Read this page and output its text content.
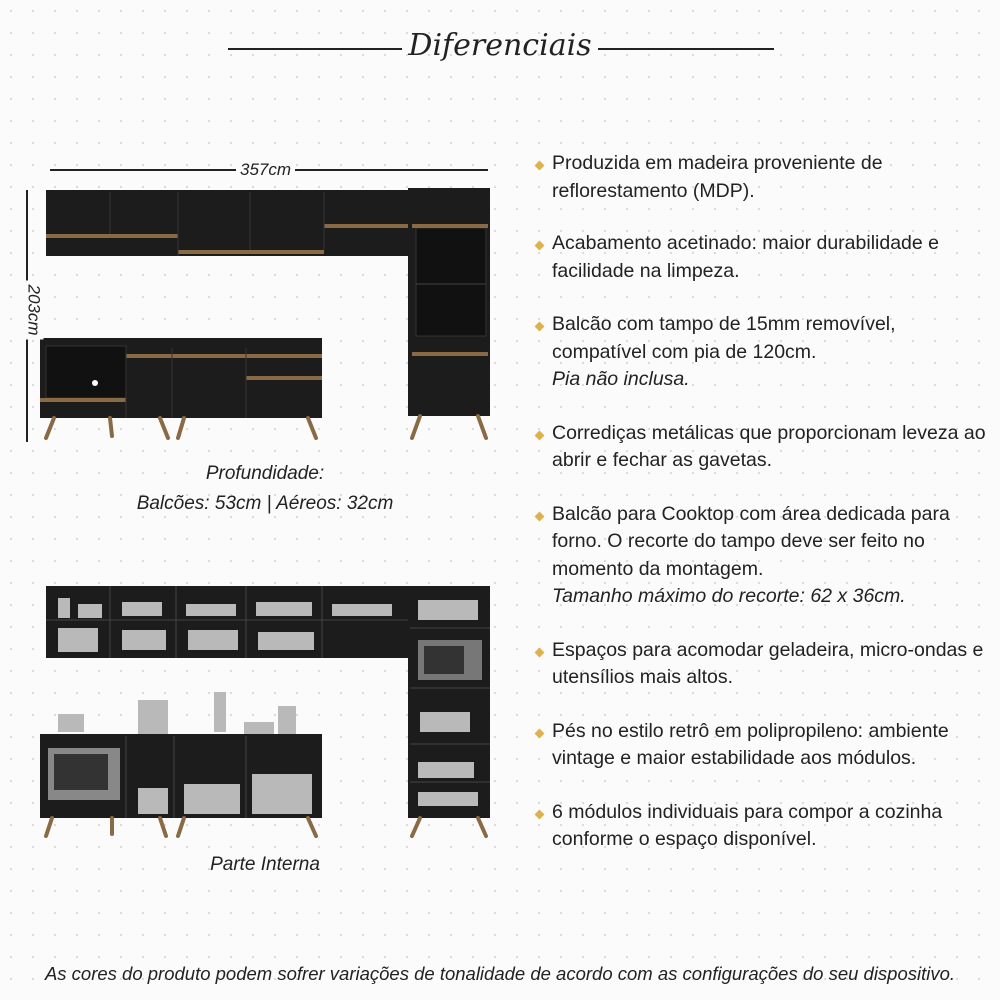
Diferenciais
357cm
203cm
Profundidade:
Balcões: 53cm | Aéreos: 32cm
Parte Interna
Produzida em madeira proveniente de reflorestamento (MDP).
Acabamento acetinado: maior durabilidade e facilidade na limpeza.
Balcão com tampo de 15mm removível, compatível com pia de 120cm.
Pia não inclusa.
Corrediças metálicas que proporcionam leveza ao abrir e fechar as gavetas.
Balcão para Cooktop com área dedicada para forno. O recorte do tampo deve ser feito no momento da montagem.
Tamanho máximo do recorte: 62 x 36cm.
Espaços para acomodar geladeira, micro-ondas e utensílios mais altos.
Pés no estilo retrô em polipropileno: ambiente vintage e maior estabilidade aos módulos.
6 módulos individuais para compor a cozinha conforme o espaço disponível.
As cores do produto podem sofrer variações de tonalidade de acordo com as configurações do seu dispositivo.
